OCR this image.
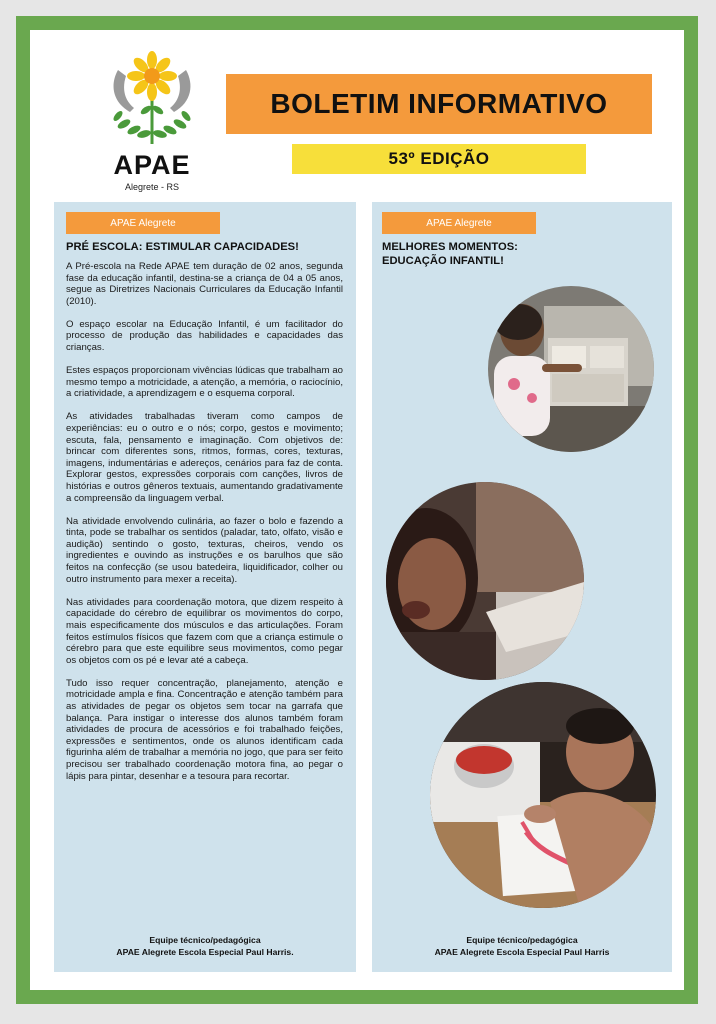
APAE
Alegrete - RS
BOLETIM INFORMATIVO
53º EDIÇÃO
APAE Alegrete
PRÉ ESCOLA: ESTIMULAR CAPACIDADES!

A Pré-escola na Rede APAE tem duração de 02 anos, segunda fase da educação infantil, destina-se a criança de 04 a 05 anos, segue as Diretrizes Nacionais Curriculares da Educação Infantil (2010).

O espaço escolar na Educação Infantil, é um facilitador do processo de produção das habilidades e capacidades das crianças.

Estes espaços proporcionam vivências lúdicas que trabalham ao mesmo tempo a motricidade, a atenção, a memória, o raciocínio, a criatividade, a aprendizagem e o esquema corporal.

As atividades trabalhadas tiveram como campos de experiências: eu o outro e o nós; corpo, gestos e movimento; escuta, fala, pensamento e imaginação. Com objetivos de: brincar com diferentes sons, ritmos, formas, cores, texturas, imagens, indumentárias e adereços, cenários para faz de conta. Explorar gestos, expressões corporais com canções, livros de histórias e outros gêneros textuais, aumentando gradativamente a compreensão da linguagem verbal.

Na atividade envolvendo culinária, ao fazer o bolo e fazendo a tinta, pode se trabalhar os sentidos (paladar, tato, olfato, visão e audição) sentindo o gosto, texturas, cheiros, vendo os ingredientes e ouvindo as instruções e os barulhos que são feitos na confecção (se usou batedeira, liquidificador, colher ou outro instrumento para mexer a receita).

Nas atividades para coordenação motora, que dizem respeito à capacidade do cérebro de equilibrar os movimentos do corpo, mais especificamente dos músculos e das articulações. Foram feitos estímulos físicos que fazem com que a criança estimule o cérebro para que este equilibre seus movimentos, como pegar os objetos com os pé e levar até a cabeça.

Tudo isso requer concentração, planejamento, atenção e motricidade ampla e fina. Concentração e atenção também para as atividades de pegar os objetos sem tocar na garrafa que balança. Para instigar o interesse dos alunos também foram atividades de procura de acessórios e foi trabalhado feições, expressões e sentimentos, onde os alunos identificam cada figurinha além de trabalhar a memória no jogo, que para ser feito precisou ser trabalhado coordenação motora fina, ao pegar o lápis para pintar, desenhar e a tesoura para recortar.

Equipe técnico/pedagógica
APAE Alegrete Escola Especial Paul Harris.
APAE Alegrete
MELHORES MOMENTOS: EDUCAÇÃO INFANTIL!
Equipe técnico/pedagógica
APAE Alegrete Escola Especial Paul Harris
